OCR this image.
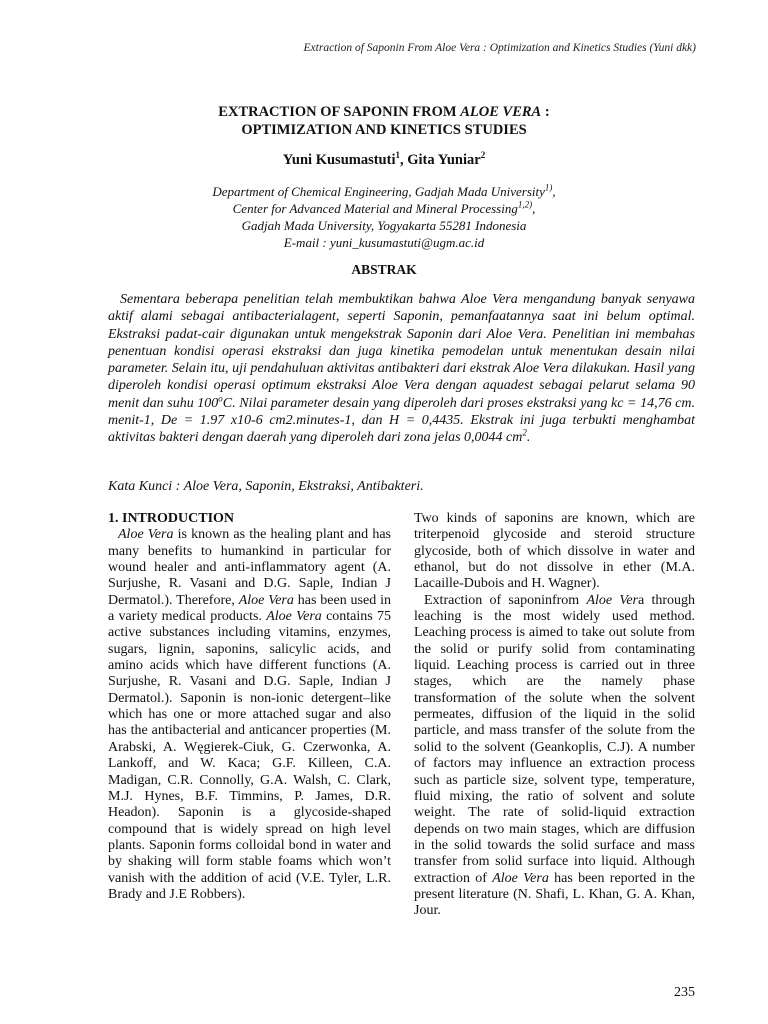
Extraction of Saponin From Aloe Vera : Optimization and Kinetics Studies (Yuni dkk)
EXTRACTION OF SAPONIN FROM ALOE VERA :
OPTIMIZATION AND KINETICS STUDIES
Yuni Kusumastuti$^1$, Gita Yuniar$^2$
Department of Chemical Engineering, Gadjah Mada University$^{1)}$,
Center for Advanced Material and Mineral Processing$^{1,2)}$,
Gadjah Mada University, Yogyakarta 55281 Indonesia
E-mail : yuni_kusumastuti@ugm.ac.id
ABSTRAK

Sementara beberapa penelitian telah membuktikan bahwa Aloe Vera mengandung banyak senyawa aktif alami sebagai antibacterialagent, seperti Saponin, pemanfaatannya saat ini belum optimal. Ekstraksi padat-cair digunakan untuk mengekstrak Saponin dari Aloe Vera. Penelitian ini membahas penentuan kondisi operasi ekstraksi dan juga kinetika pemodelan untuk menentukan desain nilai parameter. Selain itu, uji pendahuluan aktivitas antibakteri dari ekstrak Aloe Vera dilakukan. Hasil yang diperoleh kondisi operasi optimum ekstraksi Aloe Vera dengan aquadest sebagai pelarut selama 90 menit dan suhu 100$^o$C. Nilai parameter desain yang diperoleh dari proses ekstraksi yang kc = 14,76 cm. menit-1, De = 1.97 x10-6 cm2.minutes-1, dan H = 0,4435. Ekstrak ini juga terbukti menghambat aktivitas bakteri dengan daerah yang diperoleh dari zona jelas 0,0044 $cm^2$.

Kata Kunci : Aloe Vera, Saponin, Ekstraksi, Antibakteri.

1. INTRODUCTION

Aloe Vera is known as the healing plant and has many benefits to humankind in particular for wound healer and anti-inflammatory agent (A. Surjushe, R. Vasani and D.G. Saple, Indian J Dermatol.). Therefore, Aloe Vera has been used in a variety medical products. Aloe Vera contains 75 active substances including vitamins, enzymes, sugars, lignin, saponins, salicylic acids, and amino acids which have different functions (A. Surjushe, R. Vasani and D.G. Saple, Indian J Dermatol.). Saponin is non-ionic detergent–like which has one or more attached sugar and also has the antibacterial and anticancer properties (M. Arabski, A. Węgierek-Ciuk, G. Czerwonka, A. Lankoff, and W. Kaca; G.F. Killeen, C.A. Madigan, C.R. Connolly, G.A. Walsh, C. Clark, M.J. Hynes, B.F. Timmins, P. James, D.R. Headon). Saponin is a glycoside-shaped compound that is widely spread on high level plants. Saponin forms colloidal bond in water and by shaking will form stable foams which won’t vanish with the addition of acid (V.E. Tyler, L.R. Brady and J.E Robbers).

Two kinds of saponins are known, which are triterpenoid glycoside and steroid structure glycoside, both of which dissolve in water and ethanol, but do not dissolve in ether (M.A. Lacaille-Dubois and H. Wagner).

Extraction of saponinfrom Aloe Vera through leaching is the most widely used method. Leaching process is aimed to take out solute from the solid or purify solid from contaminating liquid. Leaching process is carried out in three stages, which are the namely phase transformation of the solute when the solvent permeates, diffusion of the liquid in the solid particle, and mass transfer of the solute from the solid to the solvent (Geankoplis, C.J). A number of factors may influence an extraction process such as particle size, solvent type, temperature, fluid mixing, the ratio of solvent and solute weight. The rate of solid-liquid extraction depends on two main stages, which are diffusion in the solid towards the solid surface and mass transfer from solid surface into liquid. Although extraction of Aloe Vera has been reported in the present literature (N. Shafi, L. Khan, G. A. Khan, Jour.

235
